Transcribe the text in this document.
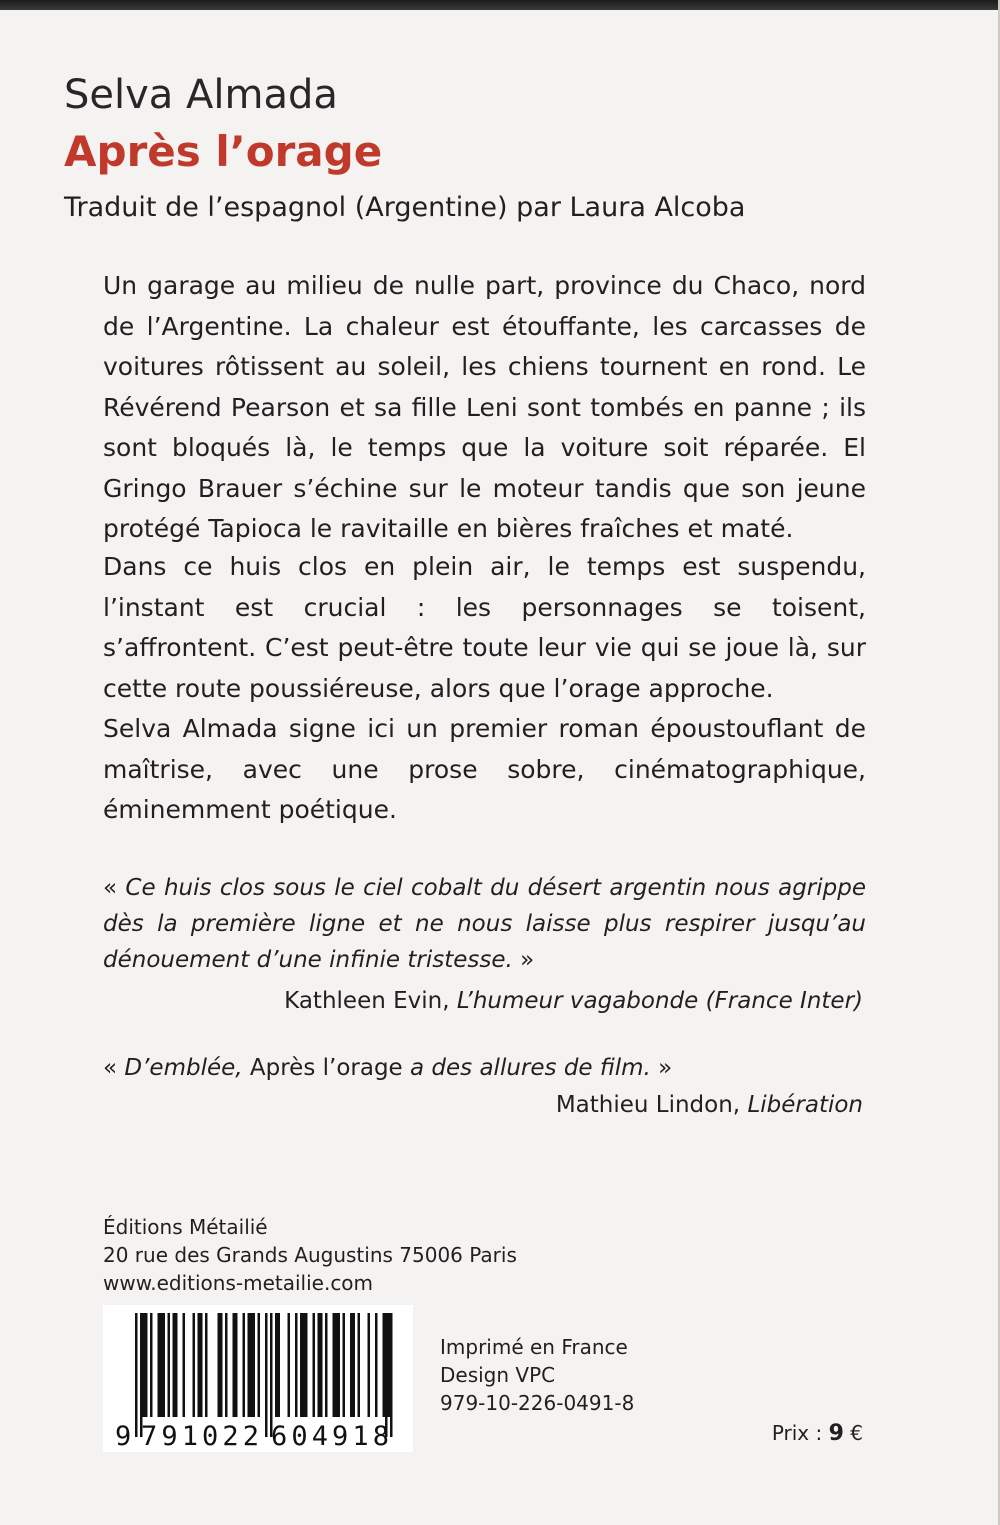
Selva Almada
Après l’orage
Traduit de l’espagnol (Argentine) par Laura Alcoba

Un garage au milieu de nulle part, province du Chaco, nord de l’Argentine. La chaleur est étouffante, les carcasses de voitures rôtissent au soleil, les chiens tournent en rond. Le Révérend Pearson et sa fille Leni sont tombés en panne ; ils sont bloqués là, le temps que la voiture soit réparée. El Gringo Brauer s’échine sur le moteur tandis que son jeune protégé Tapioca le ravitaille en bières fraîches et maté.

Dans ce huis clos en plein air, le temps est suspendu, l’instant est crucial : les personnages se toisent, s’affrontent. C’est peut-être toute leur vie qui se joue là, sur cette route poussiéreuse, alors que l’orage approche.

Selva Almada signe ici un premier roman époustouflant de maîtrise, avec une prose sobre, cinématographique, éminemment poétique.

« Ce huis clos sous le ciel cobalt du désert argentin nous agrippe dès la première ligne et ne nous laisse plus respirer jusqu’au dénouement d’une infinie tristesse. »

Kathleen Evin, L’humeur vagabonde (France Inter)

« D’emblée, Après l’orage a des allures de film. »

Mathieu Lindon, Libération
Éditions Métailié
20 rue des Grands Augustins 75006 Paris
www.editions-metailie.com
9 791022 604918
Imprimé en France
Design VPC
979-10-226-0491-8
Prix : 9 €
